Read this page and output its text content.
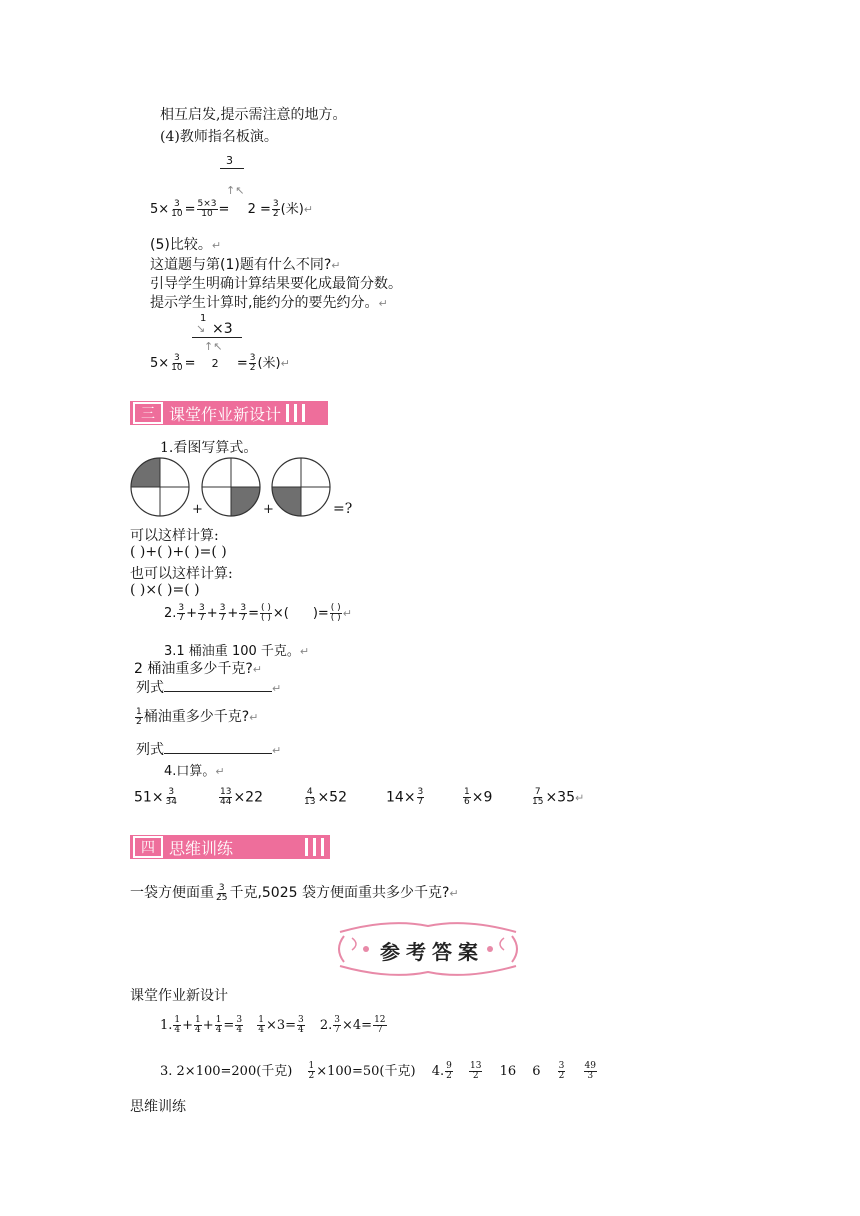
相互启发,提示需注意的地方。
(4)教师指名板演。
3
↑↖
$5\times \frac{3}{10} = \frac{5\times 3}{10} = 2 = \frac{3}{2}$ (米)↵
(5)比较。↵
这道题与第(1)题有什么不同?↵
引导学生明确计算结果要化成最简分数。
提示学生计算时,能约分的要先约分。↵
1
↘ ×3
↑↖
$5\times \frac{3}{10} = 2 = \frac{3}{2}$ (米)↵
三 课堂作业新设计
1.看图写算式。
+	+	=?
可以这样计算:
( )+( )+( )=( )
也可以这样计算:
( )×( )=( )
2. $\frac{3}{7} + \frac{3}{7} + \frac{3}{7} + \frac{3}{7}$ = ( )
( ) ×( )= ( )
( ) ↵
3.1 桶油重 100 千克。↵
2 桶油重多少千克?↵
列式	↵
$\frac{1}{2}$ 桶油重多少千克?↵
列式	↵
4.口算。↵
$51\times \frac{3}{34}$	$\frac{13}{44} \times 22$	$\frac{4}{13} \times 52$	$14\times \frac{3}{7}$	$\frac{1}{6} \times 9$	$\frac{7}{15}$ ×35↵
四 思维训练
一袋方便面重 $\frac{3}{25}$ 千克,5025 袋方便面重共多少千克?↵
参考答案
课堂作业新设计
1. $\frac{1}{4} + \frac{1}{4} + \frac{1}{4} = \frac{3}{4}$
$\frac{1}{4} \times 3= \frac{3}{4} 2$. $\frac{3}{7} \times 4= \frac{12}{7}$
3. 2×100=200(千克) $\frac{1}{2} \times 100=50$(千克) 4. $\frac{9}{2}$
$\frac{13}{2} 16$ $6 \frac{3}{2}$
$\frac{49}{3}$
思维训练
